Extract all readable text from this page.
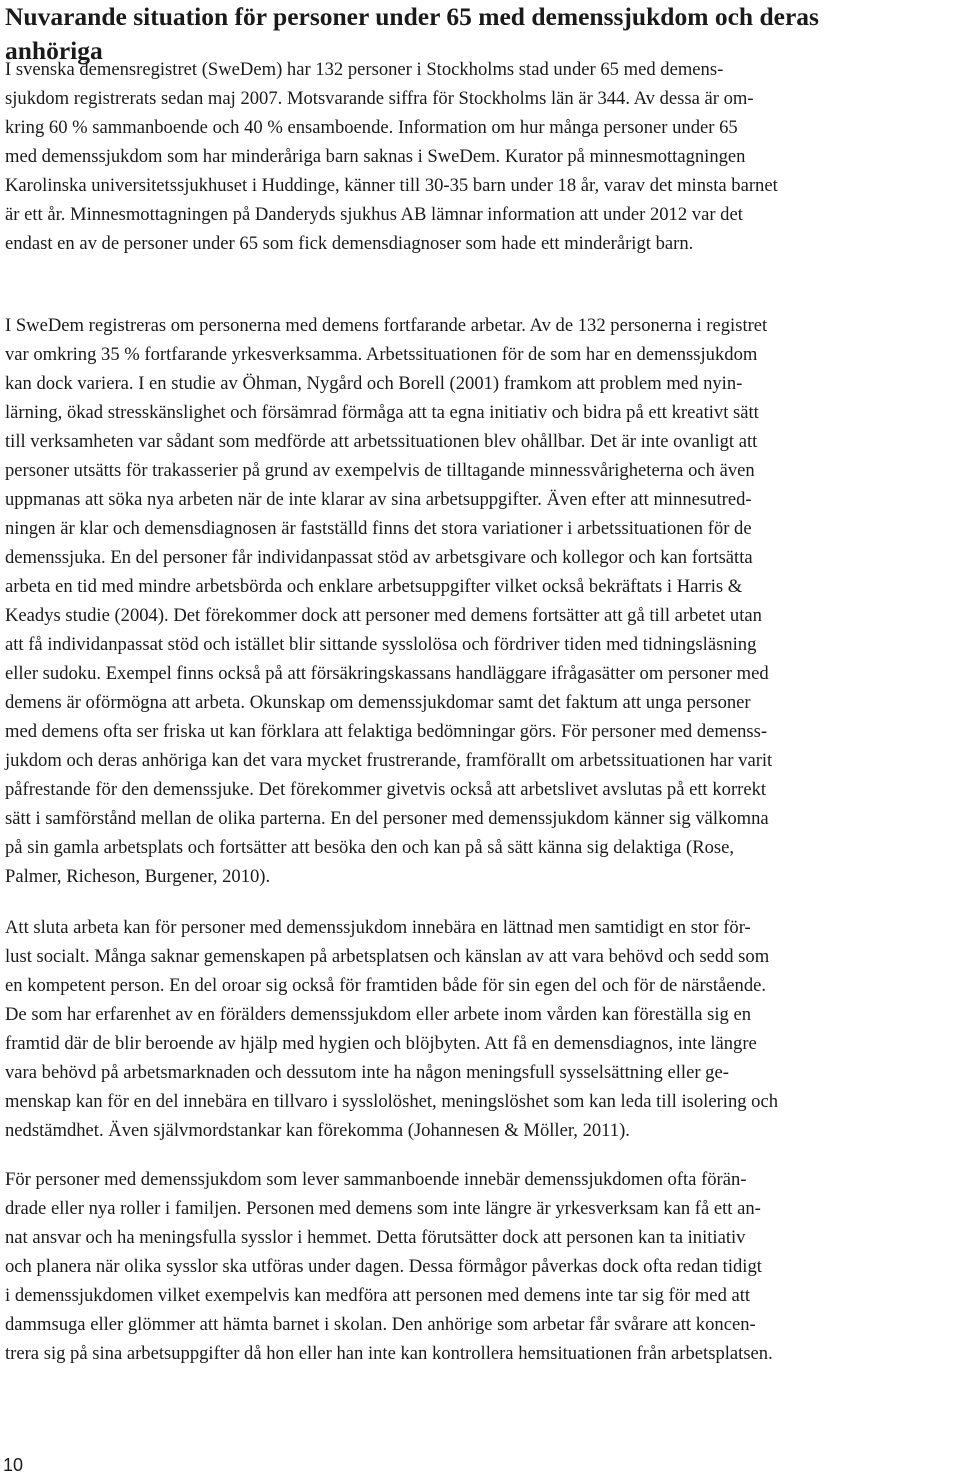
Nuvarande situation för personer under 65 med demenssjukdom och deras
anhöriga

I svenska demensregistret (SweDem) har 132 personer i Stockholms stad under 65 med demens-
sjukdom registrerats sedan maj 2007. Motsvarande siffra för Stockholms län är 344. Av dessa är om-
kring 60 % sammanboende och 40 % ensamboende. Information om hur många personer under 65
med demenssjukdom som har minderåriga barn saknas i SweDem. Kurator på minnesmottagningen
Karolinska universitetssjukhuset i Huddinge, känner till 30-35 barn under 18 år, varav det minsta barnet
är ett år. Minnesmottagningen på Danderyds sjukhus AB lämnar information att under 2012 var det
endast en av de personer under 65 som fick demensdiagnoser som hade ett minderårigt barn.

I SweDem registreras om personerna med demens fortfarande arbetar. Av de 132 personerna i registret
var omkring 35 % fortfarande yrkesverksamma. Arbetssituationen för de som har en demenssjukdom
kan dock variera. I en studie av Öhman, Nygård och Borell (2001) framkom att problem med nyin-
lärning, ökad stresskänslighet och försämrad förmåga att ta egna initiativ och bidra på ett kreativt sätt
till verksamheten var sådant som medförde att arbetssituationen blev ohållbar. Det är inte ovanligt att
personer utsätts för trakasserier på grund av exempelvis de tilltagande minnessvårigheterna och även
uppmanas att söka nya arbeten när de inte klarar av sina arbetsuppgifter. Även efter att minnesutred-
ningen är klar och demensdiagnosen är fastställd finns det stora variationer i arbetssituationen för de
demenssjuka. En del personer får individanpassat stöd av arbetsgivare och kollegor och kan fortsätta
arbeta en tid med mindre arbetsbörda och enklare arbetsuppgifter vilket också bekräftats i Harris &
Keadys studie (2004). Det förekommer dock att personer med demens fortsätter att gå till arbetet utan
att få individanpassat stöd och istället blir sittande sysslolösa och fördriver tiden med tidningsläsning
eller sudoku. Exempel finns också på att försäkringskassans handläggare ifrågasätter om personer med
demens är oförmögna att arbeta. Okunskap om demenssjukdomar samt det faktum att unga personer
med demens ofta ser friska ut kan förklara att felaktiga bedömningar görs. För personer med demenss-
jukdom och deras anhöriga kan det vara mycket frustrerande, framförallt om arbetssituationen har varit
påfrestande för den demenssjuke. Det förekommer givetvis också att arbetslivet avslutas på ett korrekt
sätt i samförstånd mellan de olika parterna. En del personer med demenssjukdom känner sig välkomna
på sin gamla arbetsplats och fortsätter att besöka den och kan på så sätt känna sig delaktiga (Rose,
Palmer, Richeson, Burgener, 2010).

Att sluta arbeta kan för personer med demenssjukdom innebära en lättnad men samtidigt en stor för-
lust socialt. Många saknar gemenskapen på arbetsplatsen och känslan av att vara behövd och sedd som
en kompetent person. En del oroar sig också för framtiden både för sin egen del och för de närstående.
De som har erfarenhet av en förälders demenssjukdom eller arbete inom vården kan föreställa sig en
framtid där de blir beroende av hjälp med hygien och blöjbyten. Att få en demensdiagnos, inte längre
vara behövd på arbetsmarknaden och dessutom inte ha någon meningsfull sysselsättning eller ge-
menskap kan för en del innebära en tillvaro i sysslolöshet, meningslöshet som kan leda till isolering och
nedstämdhet. Även självmordstankar kan förekomma (Johannesen & Möller, 2011).

För personer med demenssjukdom som lever sammanboende innebär demenssjukdomen ofta förän-
drade eller nya roller i familjen. Personen med demens som inte längre är yrkesverksam kan få ett an-
nat ansvar och ha meningsfulla sysslor i hemmet. Detta förutsätter dock att personen kan ta initiativ
och planera när olika sysslor ska utföras under dagen. Dessa förmågor påverkas dock ofta redan tidigt
i demenssjukdomen vilket exempelvis kan medföra att personen med demens inte tar sig för med att
dammsuga eller glömmer att hämta barnet i skolan. Den anhörige som arbetar får svårare att koncen-
trera sig på sina arbetsuppgifter då hon eller han inte kan kontrollera hemsituationen från arbetsplatsen.

10
